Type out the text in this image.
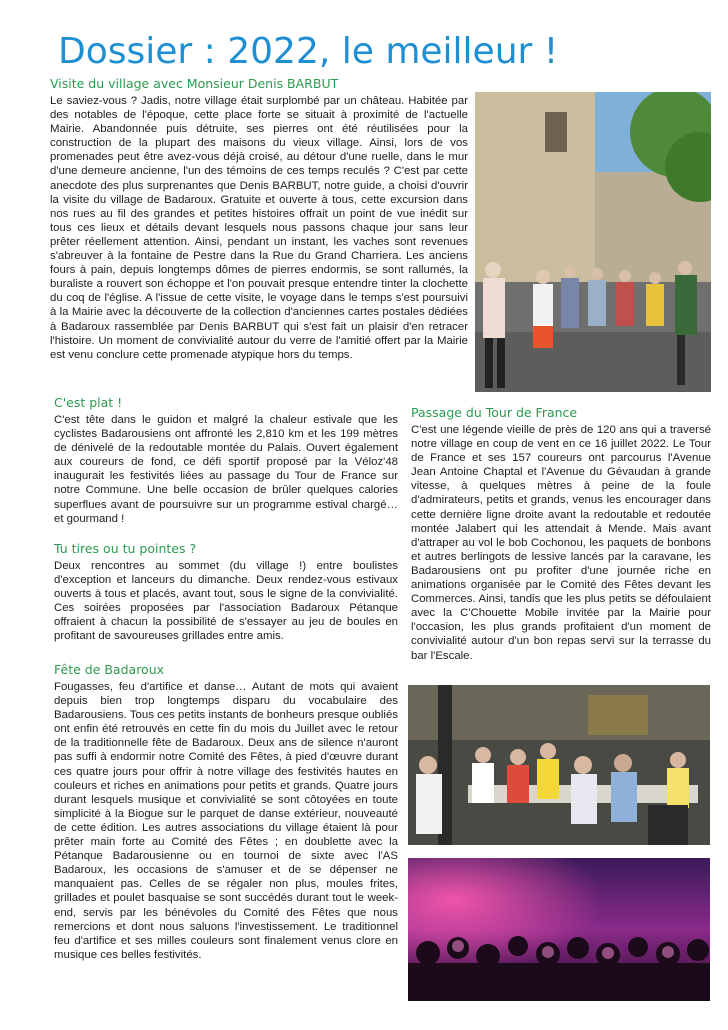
Dossier : 2022, le meilleur !
Visite du village avec Monsieur Denis BARBUT

Le saviez-vous ? Jadis, notre village était surplombé par un château. Habitée par des notables de l'époque, cette place forte se situait à proximité de l'actuelle Mairie. Abandonnée puis détruite, ses pierres ont été réutilisées pour la construction de la plupart des maisons du vieux village. Ainsi, lors de vos promenades peut être avez-vous déjà croisé, au détour d'une ruelle, dans le mur d'une demeure ancienne, l'un des témoins de ces temps reculés ? C'est par cette anecdote des plus surprenantes que Denis BARBUT, notre guide, a choisi d'ouvrir la visite du village de Badaroux. Gratuite et ouverte à tous, cette excursion dans nos rues au fil des grandes et petites histoires offrait un point de vue inédit sur tous ces lieux et détails devant lesquels nous passons chaque jour sans leur prêter réellement attention. Ainsi, pendant un instant, les vaches sont revenues s'abreuver à la fontaine de Pestre dans la Rue du Grand Charriera. Les anciens fours à pain, depuis longtemps dômes de pierres endormis, se sont rallumés, la buraliste a rouvert son échoppe et l'on pouvait presque entendre tinter la clochette du coq de l'église. A l'issue de cette visite, le voyage dans le temps s'est poursuivi à la Mairie avec la découverte de la collection d'anciennes cartes postales dédiées à Badaroux rassemblée par Denis BARBUT qui s'est fait un plaisir d'en retracer l'histoire. Un moment de convivialité autour du verre de l'amitié offert par la Mairie est venu conclure cette promenade atypique hors du temps.

C'est plat !

C'est tête dans le guidon et malgré la chaleur estivale que les cyclistes Badarousiens ont affronté les 2,810 km et les 199 mètres de dénivelé de la redoutable montée du Palais. Ouvert également aux coureurs de fond, ce défi sportif proposé par la Véloz'48 inaugurait les festivités liées au passage du Tour de France sur notre Commune. Une belle occasion de brûler quelques calories superflues avant de poursuivre sur un programme estival chargé… et gourmand !

Tu tires ou tu pointes ?

Deux rencontres au sommet (du village !) entre boulistes d'exception et lanceurs du dimanche. Deux rendez-vous estivaux ouverts à tous et placés, avant tout, sous le signe de la convivialité. Ces soirées proposées par l'association Badaroux Pétanque offraient à chacun la possibilité de s'essayer au jeu de boules en profitant de savoureuses grillades entre amis.

Fête de Badaroux

Fougasses, feu d'artifice et danse… Autant de mots qui avaient depuis bien trop longtemps disparu du vocabulaire des Badarousiens. Tous ces petits instants de bonheurs presque oubliés ont enfin été retrouvés en cette fin du mois du Juillet avec le retour de la traditionnelle fête de Badaroux. Deux ans de silence n'auront pas suffi à endormir notre Comité des Fêtes, à pied d'œuvre durant ces quatre jours pour offrir à notre village des festivités hautes en couleurs et riches en animations pour petits et grands. Quatre jours durant lesquels musique et convivialité se sont côtoyées en toute simplicité à la Biogue sur le parquet de danse extérieur, nouveauté de cette édition. Les autres associations du village étaient là pour prêter main forte au Comité des Fêtes ; en doublette avec la Pétanque Badarousienne ou en tournoi de sixte avec l'AS Badaroux, les occasions de s'amuser et de se dépenser ne manquaient pas. Celles de se régaler non plus, moules frites, grillades et poulet basquaise se sont succédés durant tout le week-end, servis par les bénévoles du Comité des Fêtes que nous remercions et dont nous saluons l'investissement. Le traditionnel feu d'artifice et ses milles couleurs sont finalement venus clore en musique ces belles festivités.

Passage du Tour de France

C'est une légende vieille de près de 120 ans qui a traversé notre village en coup de vent en ce 16 juillet 2022. Le Tour de France et ses 157 coureurs ont parcourus l'Avenue Jean Antoine Chaptal et l'Avenue du Gévaudan à grande vitesse, à quelques mètres à peine de la foule d'admirateurs, petits et grands, venus les encourager dans cette dernière ligne droite avant la redoutable et redoutée montée Jalabert qui les attendait à Mende. Mais avant d'attraper au vol le bob Cochonou, les paquets de bonbons et autres berlingots de lessive lancés par la caravane, les Badarousiens ont pu profiter d'une journée riche en animations organisée par le Comité des Fêtes devant les Commerces. Ainsi, tandis que les plus petits se défoulaient avec la C'Chouette Mobile invitée par la Mairie pour l'occasion, les plus grands profitaient d'un moment de convivialité autour d'un bon repas servi sur la terrasse du bar l'Escale.
